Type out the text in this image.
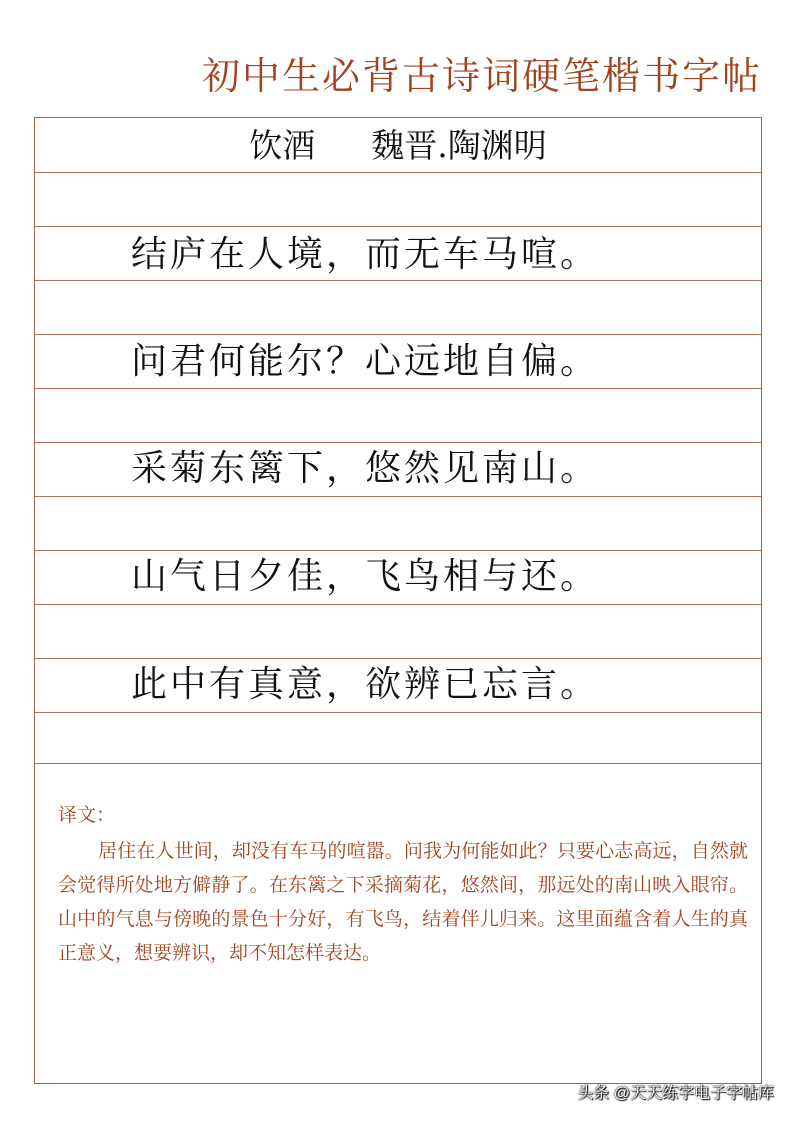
初中生必背古诗词硬笔楷书字帖
饮酒 魏晋.陶渊明
结庐在人境，而无车马喧。
问君何能尔？心远地自偏。
采菊东篱下，悠然见南山。
山气日夕佳，飞鸟相与还。
此中有真意，欲辨已忘言。
译文：
居住在人世间，却没有车马的喧嚣。问我为何能如此？只要心志高远，自然就会觉得所处地方僻静了。在东篱之下采摘菊花，悠然间，那远处的南山映入眼帘。山中的气息与傍晚的景色十分好，有飞鸟，结着伴儿归来。这里面蕴含着人生的真正意义，想要辨识，却不知怎样表达。
头条 @天天练字电子字帖库
